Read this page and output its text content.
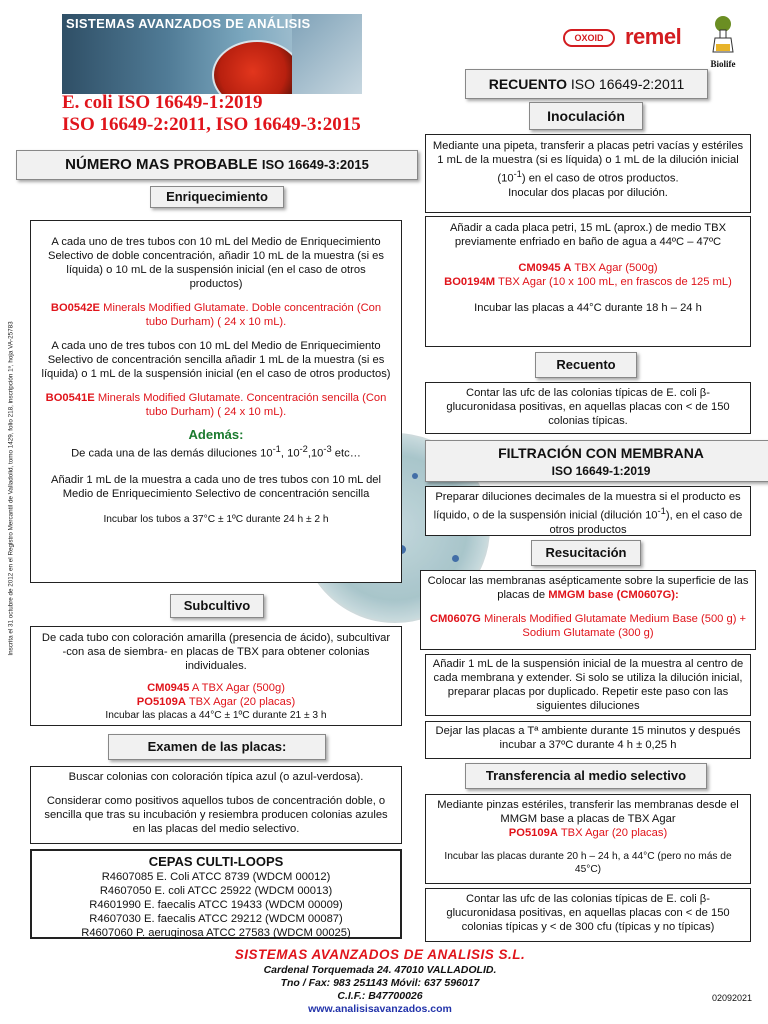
SISTEMAS AVANZADOS DE ANÁLISIS
E. coli ISO 16649-1:2019
ISO 16649-2:2011, ISO 16649-3:2015
OXOID remel
Biolife
Inscrita el 31 octubre de 2012 en el Registro Mercantil de Valladolid, tomo 1429, folio 218, inscripción 1ª, hoja VA-25783
NÚMERO MAS PROBABLE ISO 16649-3:2015
Enriquecimiento
A cada uno de tres tubos con 10 mL del Medio de Enriquecimiento Selectivo de doble concentración, añadir 10 mL de la muestra (si es líquida) o 10 mL de la suspensión inicial (en el caso de otros productos)
BO0542E Minerals Modified Glutamate. Doble concentración (Con tubo Durham) ( 24 x 10 mL).
A cada uno de tres tubos con 10 mL del Medio de Enriquecimiento Selectivo de concentración sencilla añadir 1 mL de la muestra (si es líquida) o 1 mL de la suspensión inicial (en el caso de otros productos)
BO0541E Minerals Modified Glutamate. Concentración sencilla (Con tubo Durham) ( 24 x 10 mL).
Además:
De cada una de las demás diluciones $10^{-1}$, $10^{-2},10^{-3}$ etc…
Añadir 1 mL de la muestra a cada uno de tres tubos con 10 mL del Medio de Enriquecimiento Selectivo de concentración sencilla
Incubar los tubos a 37°C ± 1ºC durante 24 h ± 2 h
Subcultivo
De cada tubo con coloración amarilla (presencia de ácido), subcultivar -con asa de siembra- en placas de TBX para obtener colonias individuales.
CM0945 A TBX Agar (500g)
PO5109A TBX Agar (20 placas)
Incubar las placas a 44°C ± 1ºC durante 21 ± 3 h
Examen de las placas:
Buscar colonias con coloración típica azul (o azul-verdosa).
Considerar como positivos aquellos tubos de concentración doble, o sencilla que tras su incubación y resiembra producen colonias azules en las placas del medio selectivo.
CEPAS CULTI-LOOPS
R4607085 E. Coli ATCC 8739 (WDCM 00012)
R4607050 E. coli ATCC 25922 (WDCM 00013)
R4601990 E. faecalis ATCC 19433 (WDCM 00009)
R4607030 E. faecalis ATCC 29212 (WDCM 00087)
R4607060 P. aeruginosa ATCC 27583 (WDCM 00025)
RECUENTO ISO 16649-2:2011
Inoculación
Mediante una pipeta, transferir a placas petri vacías y estériles 1 mL de la muestra (si es líquida) o 1 mL de la dilución inicial $(10^{-1})$ en el caso de otros productos.
Inocular dos placas por dilución.
Añadir a cada placa petri, 15 mL (aprox.) de medio TBX previamente enfriado en baño de agua a 44ºC – 47ºC
CM0945 A TBX Agar (500g)
BO0194M TBX Agar (10 x 100 mL, en frascos de 125 mL)
Incubar las placas a 44°C durante 18 h – 24 h
Recuento
Contar las ufc de las colonias típicas de E. coli β-glucuronidasa positivas, en aquellas placas con < de 150 colonias típicas.
FILTRACIÓN CON MEMBRANA
ISO 16649-1:2019
Preparar diluciones decimales de la muestra si el producto es líquido, o de la suspensión inicial (dilución $10^{-1}$), en el caso de otros productos
Resucitación
Colocar las membranas asépticamente sobre la superficie de las placas de MMGM base (CM0607G):
CM0607G Minerals Modified Glutamate Medium Base (500 g) + Sodium Glutamate (300 g)
Añadir 1 mL de la suspensión inicial de la muestra al centro de cada membrana y extender. Si solo se utiliza la dilución inicial, preparar placas por duplicado. Repetir este paso con las siguientes diluciones
Dejar las placas a Tª ambiente durante 15 minutos y después incubar a 37ºC durante 4 h ± 0,25 h
Transferencia al medio selectivo
Mediante pinzas estériles, transferir las membranas desde el MMGM base a placas de TBX Agar
PO5109A TBX Agar (20 placas)
Incubar las placas durante 20 h – 24 h, a 44°C (pero no más de 45°C)
Contar las ufc de las colonias típicas de E. coli β-glucuronidasa positivas, en aquellas placas con < de 150 colonias típicas y < de 300 cfu (típicas y no típicas)
SISTEMAS AVANZADOS DE ANALISIS S.L.
Cardenal Torquemada 24. 47010 VALLADOLID.
Tno / Fax: 983 251143 Móvil: 637 596017
C.I.F.: B47700026
www.analisisavanzados.com
02092021
